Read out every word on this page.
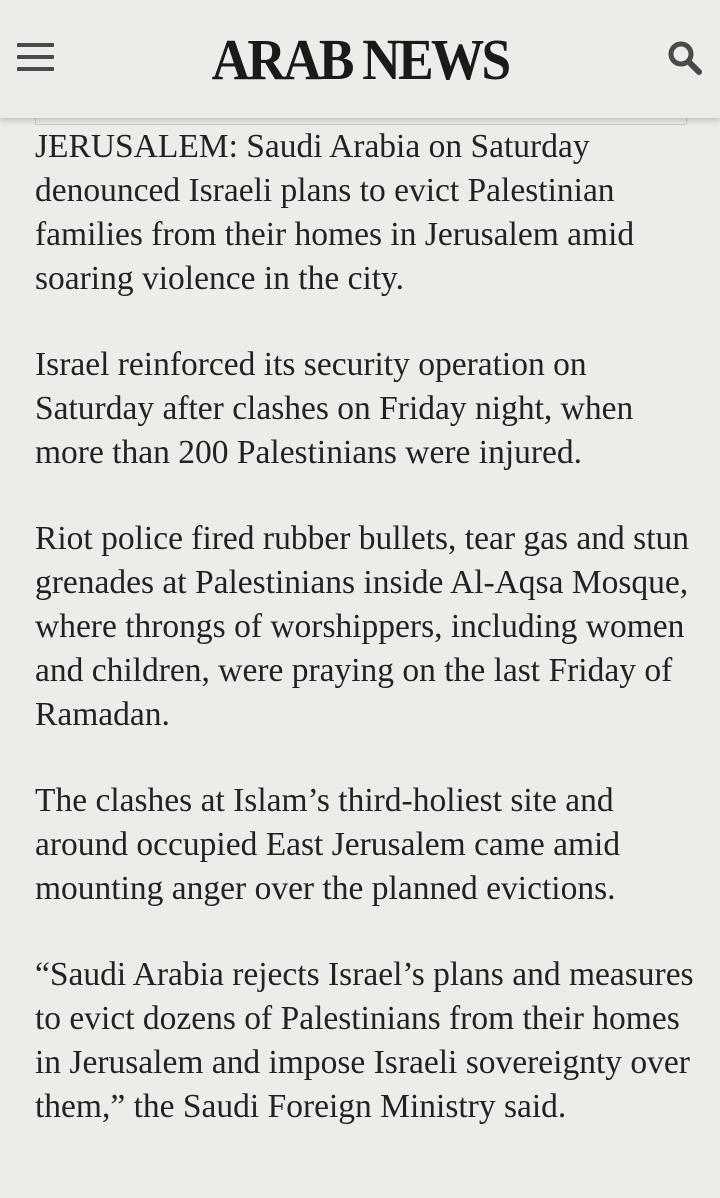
ARAB NEWS

JERUSALEM: Saudi Arabia on Saturday denounced Israeli plans to evict Palestinian families from their homes in Jerusalem amid soaring violence in the city.

Israel reinforced its security operation on Saturday after clashes on Friday night, when more than 200 Palestinians were injured.

Riot police fired rubber bullets, tear gas and stun grenades at Palestinians inside Al-Aqsa Mosque, where throngs of worshippers, including women and children, were praying on the last Friday of Ramadan.

The clashes at Islam’s third-holiest site and around occupied East Jerusalem came amid mounting anger over the planned evictions.

“Saudi Arabia rejects Israel’s plans and measures to evict dozens of Palestinians from their homes in Jerusalem and impose Israeli sovereignty over them,” the Saudi Foreign Ministry said.
